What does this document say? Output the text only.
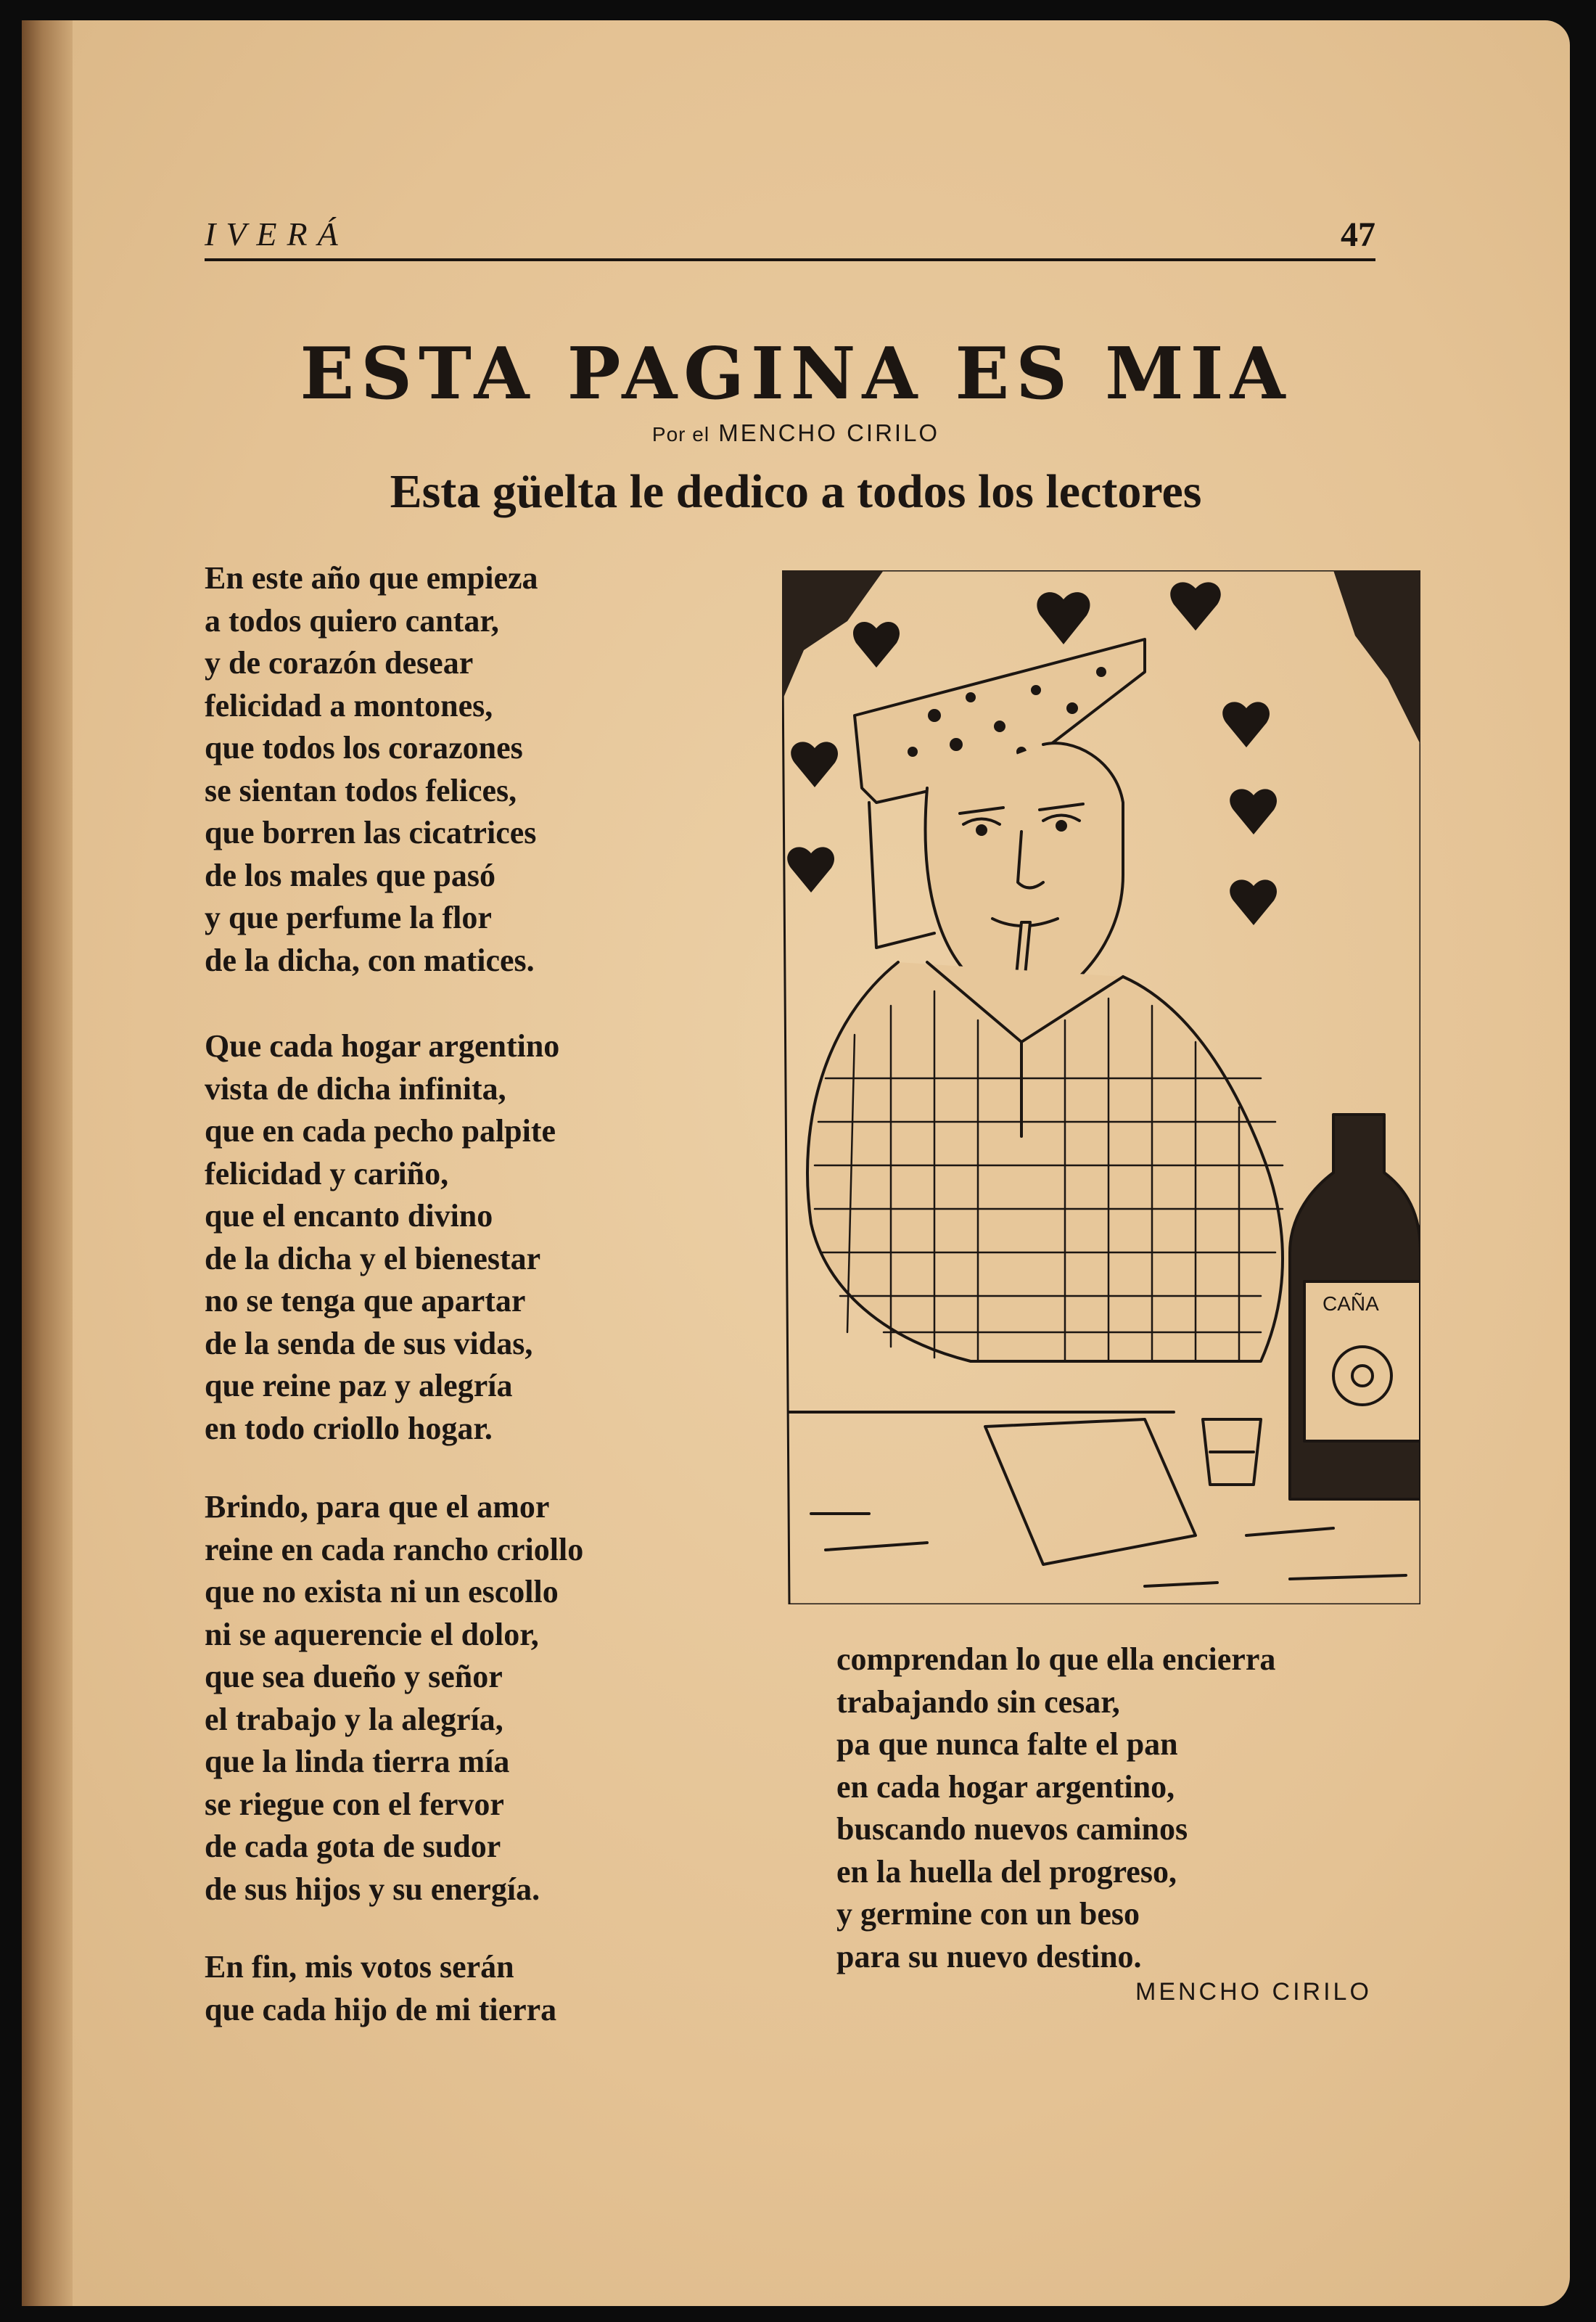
IVERÁ	47
ESTA PAGINA ES MIA
Por el MENCHO CIRILO
Esta güelta le dedico a todos los lectores
En este año que empieza
a todos quiero cantar,
y de corazón desear
felicidad a montones,
que todos los corazones
se sientan todos felices,
que borren las cicatrices
de los males que pasó
y que perfume la flor
de la dicha, con matices.
Que cada hogar argentino
vista de dicha infinita,
que en cada pecho palpite
felicidad y cariño,
que el encanto divino
de la dicha y el bienestar
no se tenga que apartar
de la senda de sus vidas,
que reine paz y alegría
en todo criollo hogar.
Brindo, para que el amor
reine en cada rancho criollo
que no exista ni un escollo
ni se aquerencie el dolor,
que sea dueño y señor
el trabajo y la alegría,
que la linda tierra mía
se riegue con el fervor
de cada gota de sudor
de sus hijos y su energía.
En fin, mis votos serán
que cada hijo de mi tierra
comprendan lo que ella encierra
trabajando sin cesar,
pa que nunca falte el pan
en cada hogar argentino,
buscando nuevos caminos
en la huella del progreso,
y germine con un beso
para su nuevo destino.
MENCHO CIRILO
CAÑA
